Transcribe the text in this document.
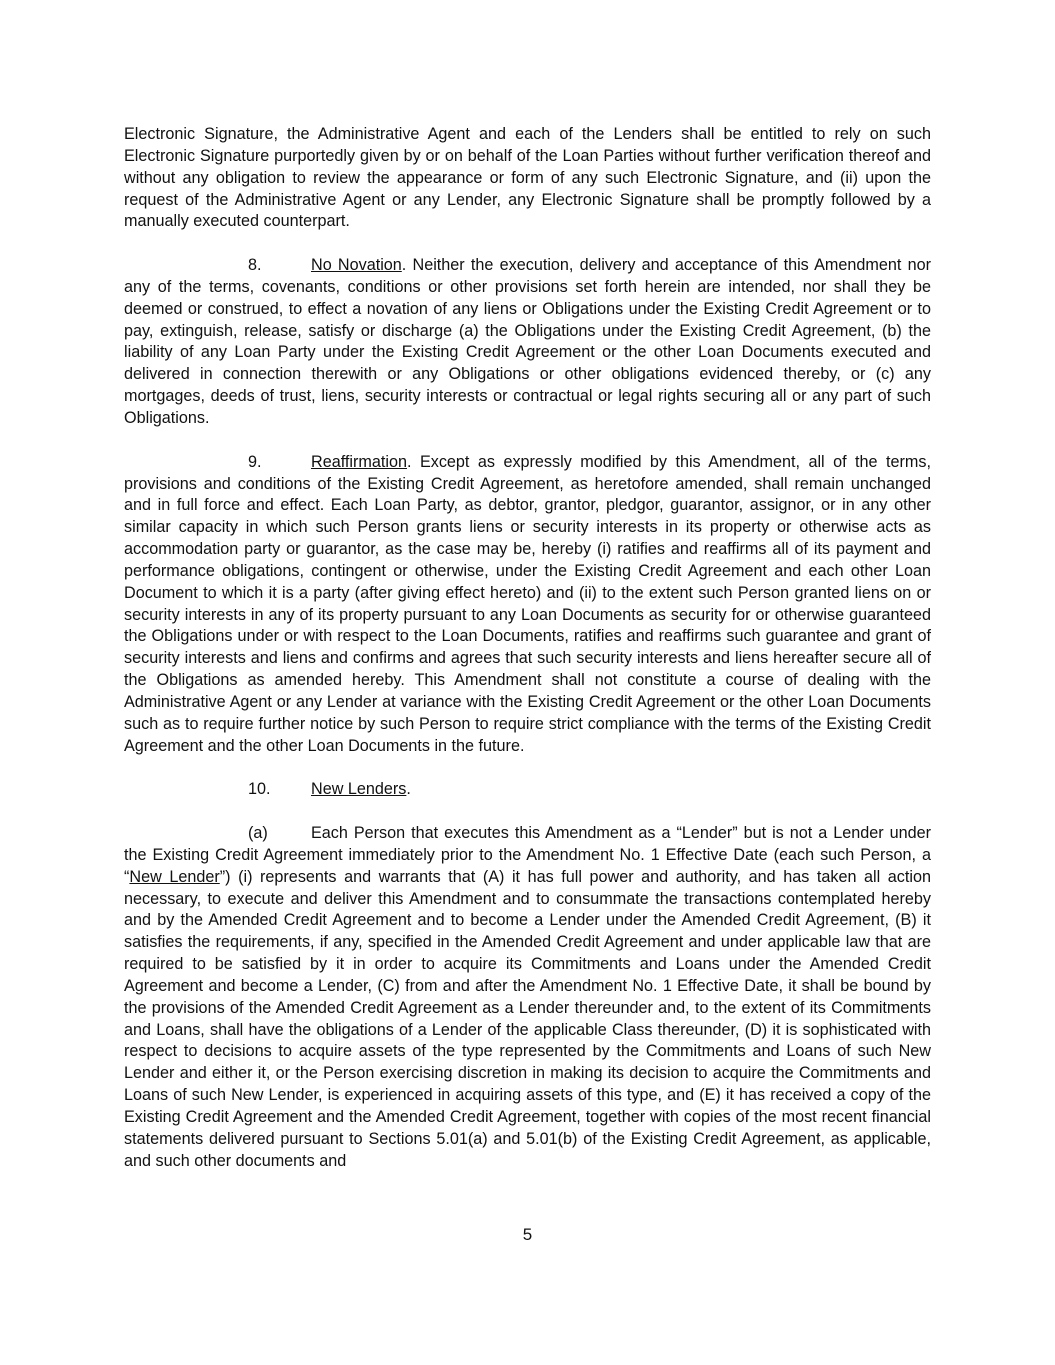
Electronic Signature, the Administrative Agent and each of the Lenders shall be entitled to rely on such Electronic Signature purportedly given by or on behalf of the Loan Parties without further verification thereof and without any obligation to review the appearance or form of any such Electronic Signature, and (ii) upon the request of the Administrative Agent or any Lender, any Electronic Signature shall be promptly followed by a manually executed counterpart.

8.	No Novation. Neither the execution, delivery and acceptance of this Amendment nor any of the terms, covenants, conditions or other provisions set forth herein are intended, nor shall they be deemed or construed, to effect a novation of any liens or Obligations under the Existing Credit Agreement or to pay, extinguish, release, satisfy or discharge (a) the Obligations under the Existing Credit Agreement, (b) the liability of any Loan Party under the Existing Credit Agreement or the other Loan Documents executed and delivered in connection therewith or any Obligations or other obligations evidenced thereby, or (c) any mortgages, deeds of trust, liens, security interests or contractual or legal rights securing all or any part of such Obligations.

9.	Reaffirmation. Except as expressly modified by this Amendment, all of the terms, provisions and conditions of the Existing Credit Agreement, as heretofore amended, shall remain unchanged and in full force and effect. Each Loan Party, as debtor, grantor, pledgor, guarantor, assignor, or in any other similar capacity in which such Person grants liens or security interests in its property or otherwise acts as accommodation party or guarantor, as the case may be, hereby (i) ratifies and reaffirms all of its payment and performance obligations, contingent or otherwise, under the Existing Credit Agreement and each other Loan Document to which it is a party (after giving effect hereto) and (ii) to the extent such Person granted liens on or security interests in any of its property pursuant to any Loan Documents as security for or otherwise guaranteed the Obligations under or with respect to the Loan Documents, ratifies and reaffirms such guarantee and grant of security interests and liens and confirms and agrees that such security interests and liens hereafter secure all of the Obligations as amended hereby. This Amendment shall not constitute a course of dealing with the Administrative Agent or any Lender at variance with the Existing Credit Agreement or the other Loan Documents such as to require further notice by such Person to require strict compliance with the terms of the Existing Credit Agreement and the other Loan Documents in the future.

10. New Lenders.

(a)	Each Person that executes this Amendment as a “Lender” but is not a Lender under the Existing Credit Agreement immediately prior to the Amendment No. 1 Effective Date (each such Person, a “New Lender”) (i) represents and warrants that (A) it has full power and authority, and has taken all action necessary, to execute and deliver this Amendment and to consummate the transactions contemplated hereby and by the Amended Credit Agreement and to become a Lender under the Amended Credit Agreement, (B) it satisfies the requirements, if any, specified in the Amended Credit Agreement and under applicable law that are required to be satisfied by it in order to acquire its Commitments and Loans under the Amended Credit Agreement and become a Lender, (C) from and after the Amendment No. 1 Effective Date, it shall be bound by the provisions of the Amended Credit Agreement as a Lender thereunder and, to the extent of its Commitments and Loans, shall have the obligations of a Lender of the applicable Class thereunder, (D) it is sophisticated with respect to decisions to acquire assets of the type represented by the Commitments and Loans of such New Lender and either it, or the Person exercising discretion in making its decision to acquire the Commitments and Loans of such New Lender, is experienced in acquiring assets of this type, and (E) it has received a copy of the Existing Credit Agreement and the Amended Credit Agreement, together with copies of the most recent financial statements delivered pursuant to Sections 5.01(a) and 5.01(b) of the Existing Credit Agreement, as applicable, and such other documents and

5
